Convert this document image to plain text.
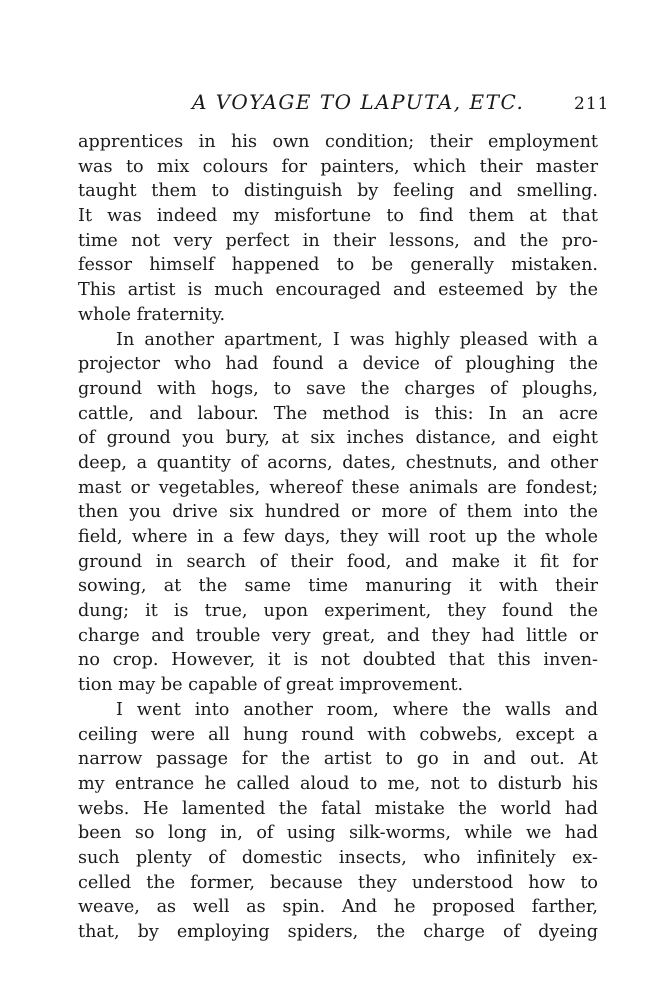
A VOYAGE TO LAPUTA, ETC.	211
apprentices in his own condition; their employment
was to mix colours for painters, which their master
taught them to distinguish by feeling and smelling.
It was indeed my misfortune to find them at that
time not very perfect in their lessons, and the pro-
fessor himself happened to be generally mistaken.
This artist is much encouraged and esteemed by the
whole fraternity.
In another apartment, I was highly pleased with a
projector who had found a device of ploughing the
ground with hogs, to save the charges of ploughs,
cattle, and labour. The method is this: In an acre
of ground you bury, at six inches distance, and eight
deep, a quantity of acorns, dates, chestnuts, and other
mast or vegetables, whereof these animals are fondest;
then you drive six hundred or more of them into the
field, where in a few days, they will root up the whole
ground in search of their food, and make it fit for
sowing, at the same time manuring it with their
dung; it is true, upon experiment, they found the
charge and trouble very great, and they had little or
no crop. However, it is not doubted that this inven-
tion may be capable of great improvement.
I went into another room, where the walls and
ceiling were all hung round with cobwebs, except a
narrow passage for the artist to go in and out. At
my entrance he called aloud to me, not to disturb his
webs. He lamented the fatal mistake the world had
been so long in, of using silk-worms, while we had
such plenty of domestic insects, who infinitely ex-
celled the former, because they understood how to
weave, as well as spin. And he proposed farther,
that, by employing spiders, the charge of dyeing
